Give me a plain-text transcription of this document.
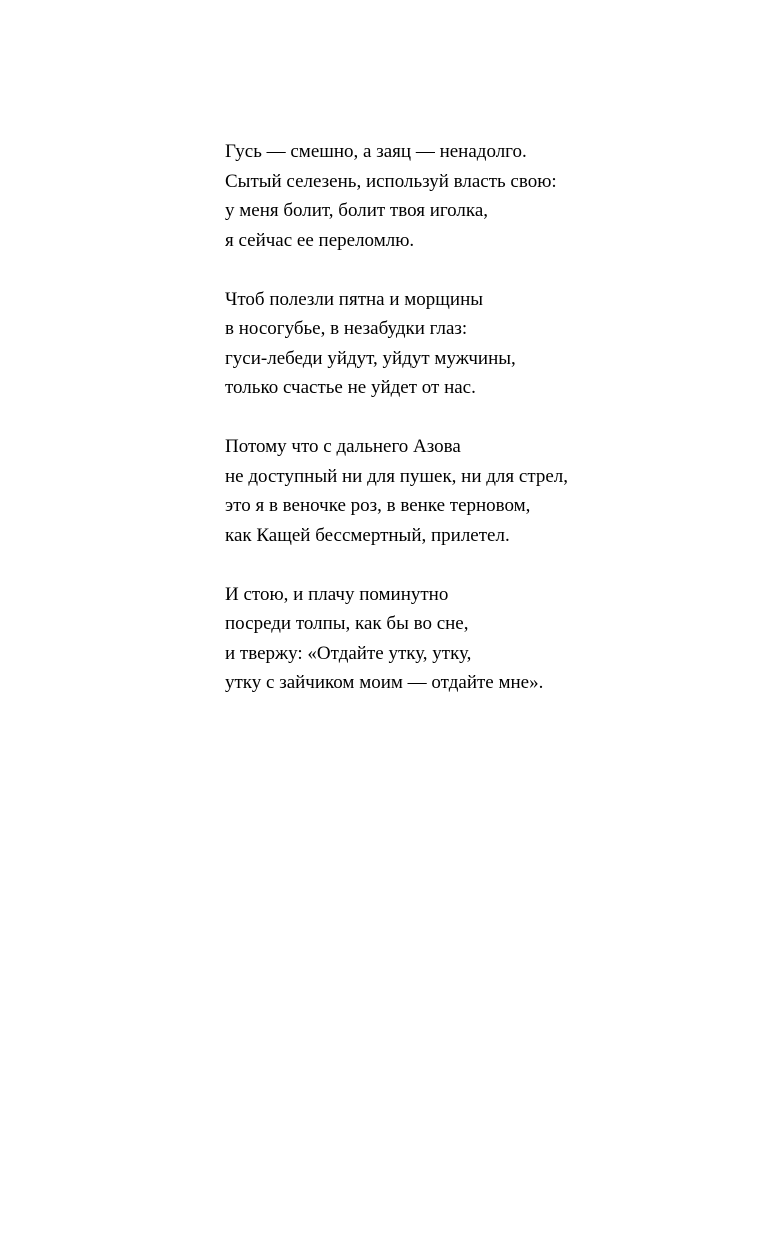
Гусь — смешно, а заяц — ненадолго.
Сытый селезень, используй власть свою:
у меня болит, болит твоя иголка,
я сейчас ее переломлю.
Чтоб полезли пятна и морщины
в носогубье, в незабудки глаз:
гуси-лебеди уйдут, уйдут мужчины,
только счастье не уйдет от нас.
Потому что с дальнего Азова
не доступный ни для пушек, ни для стрел,
это я в веночке роз, в венке терновом,
как Кащей бессмертный, прилетел.
И стою, и плачу поминутно
посреди толпы, как бы во сне,
и твержу: «Отдайте утку, утку,
утку с зайчиком моим — отдайте мне».
